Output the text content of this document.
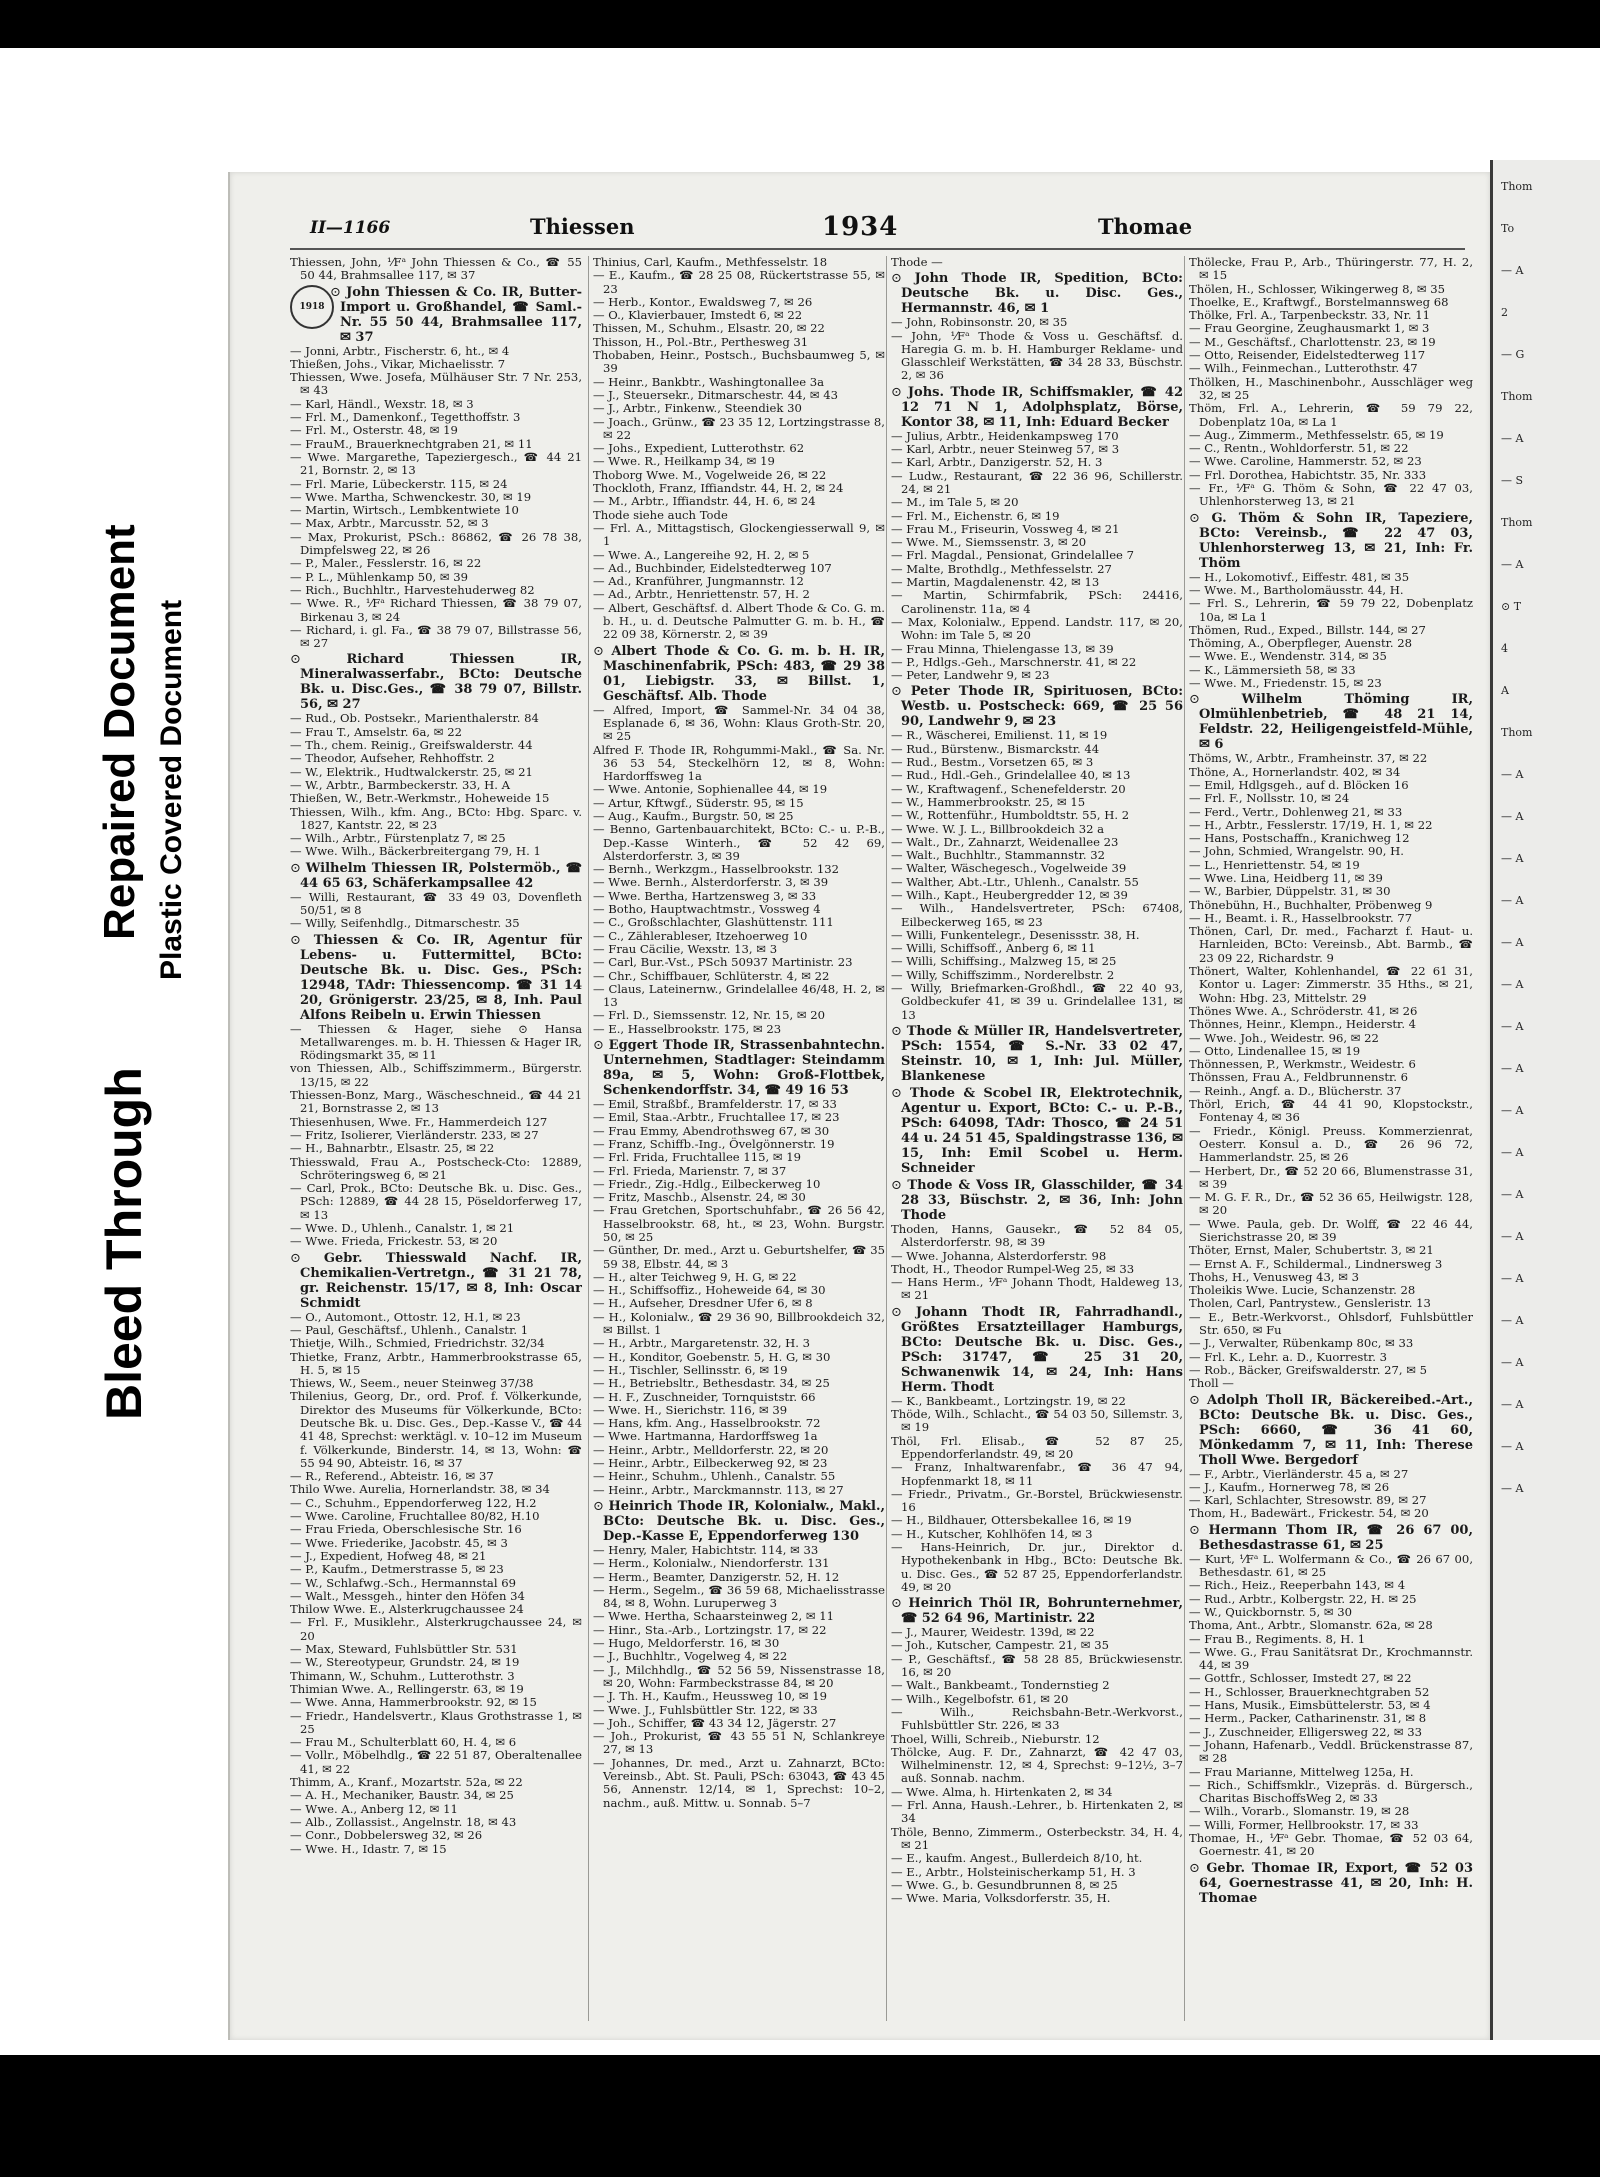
Bleed Through
Repaired Document Plastic Covered Document
II—1166	Thiessen	1934	Thomae

Thiessen, John, ⅟Fᵃ John Thiessen & Co., ☎ 55 50 44, Brahmsallee 117, ✉ 37

1918

⊙ John Thiessen & Co. IR, Butter-Import u. Großhandel, ☎ Saml.-Nr. 55 50 44, Brahmsallee 117, ✉ 37

— Jonni, Arbtr., Fischerstr. 6, ht., ✉ 4

Thießen, Johs., Vikar, Michaelisstr. 7

Thiessen, Wwe. Josefa, Mülhäuser Str. 7 Nr. 253, ✉ 43

— Karl, Händl., Wexstr. 18, ✉ 3

— Frl. M., Damenkonf., Tegetthoffstr. 3

— Frl. M., Osterstr. 48, ✉ 19

— FrauM., Brauerknechtgraben 21, ✉ 11

— Wwe. Margarethe, Tapeziergesch., ☎ 44 21 21, Bornstr. 2, ✉ 13

— Frl. Marie, Lübeckerstr. 115, ✉ 24

— Wwe. Martha, Schwenckestr. 30, ✉ 19

— Martin, Wirtsch., Lembkentwiete 10

— Max, Arbtr., Marcusstr. 52, ✉ 3

— Max, Prokurist, PSch.: 86862, ☎ 26 78 38, Dimpfelsweg 22, ✉ 26

— P., Maler., Fesslerstr. 16, ✉ 22

— P. L., Mühlenkamp 50, ✉ 39

— Rich., Buchhltr., Harvestehuderweg 82

— Wwe. R., ⅟Fᵃ Richard Thiessen, ☎ 38 79 07, Birkenau 3, ✉ 24

— Richard, i. gl. Fa., ☎ 38 79 07, Billstrasse 56, ✉ 27

⊙ Richard Thiessen IR, Mineralwasserfabr., BCto: Deutsche Bk. u. Disc.Ges., ☎ 38 79 07, Billstr. 56, ✉ 27

— Rud., Ob. Postsekr., Marienthalerstr. 84

— Frau T., Amselstr. 6a, ✉ 22

— Th., chem. Reinig., Greifswalderstr. 44

— Theodor, Aufseher, Rehhoffstr. 2

— W., Elektrik., Hudtwalckerstr. 25, ✉ 21

— W., Arbtr., Barmbeckerstr. 33, H. A

Thießen, W., Betr.-Werkmstr., Hoheweide 15

Thiessen, Wilh., kfm. Ang., BCto: Hbg. Sparc. v. 1827, Kantstr. 22, ✉ 23

— Wilh., Arbtr., Fürstenplatz 7, ✉ 25

— Wwe. Wilh., Bäckerbreitergang 79, H. 1

⊙ Wilhelm Thiessen IR, Polstermöb., ☎ 44 65 63, Schäferkampsallee 42

— Willi, Restaurant, ☎ 33 49 03, Dovenfleth 50/51, ✉ 8

— Willy, Seifenhdlg., Ditmarschestr. 35

⊙ Thiessen & Co. IR, Agentur für Lebens- u. Futtermittel, BCto: Deutsche Bk. u. Disc. Ges., PSch: 12948, TAdr: Thiessencomp. ☎ 31 14 20, Grönigerstr. 23/25, ✉ 8, Inh. Paul Alfons Reibeln u. Erwin Thiessen

— Thiessen & Hager, siehe ⊙ Hansa Metallwarenges. m. b. H. Thiessen & Hager IR, Rödingsmarkt 35, ✉ 11

von Thiessen, Alb., Schiffszimmerm., Bürgerstr. 13/15, ✉ 22

Thiessen-Bonz, Marg., Wäscheschneid., ☎ 44 21 21, Bornstrasse 2, ✉ 13

Thiesenhusen, Wwe. Fr., Hammerdeich 127

— Fritz, Isolierer, Vierländerstr. 233, ✉ 27

— H., Bahnarbtr., Elsastr. 25, ✉ 22

Thiesswald, Frau A., Postscheck-Cto: 12889, Schröteringsweg 6, ✉ 21

— Carl, Prok., BCto: Deutsche Bk. u. Disc. Ges., PSch: 12889, ☎ 44 28 15, Pöseldorferweg 17, ✉ 13

— Wwe. D., Uhlenh., Canalstr. 1, ✉ 21

— Wwe. Frieda, Frickestr. 53, ✉ 20

⊙ Gebr. Thiesswald Nachf. IR, Chemikalien-Vertretgn., ☎ 31 21 78, gr. Reichenstr. 15/17, ✉ 8, Inh: Oscar Schmidt

— O., Automont., Ottostr. 12, H.1, ✉ 23

— Paul, Geschäftsf., Uhlenh., Canalstr. 1

Thietje, Wilh., Schmied, Friedrichstr. 32/34

Thietke, Franz, Arbtr., Hammerbrookstrasse 65, H. 5, ✉ 15

Thiews, W., Seem., neuer Steinweg 37/38

Thilenius, Georg, Dr., ord. Prof. f. Völkerkunde, Direktor des Museums für Völkerkunde, BCto: Deutsche Bk. u. Disc. Ges., Dep.-Kasse V., ☎ 44 41 48, Sprechst: werktägl. v. 10–12 im Museum f. Völkerkunde, Binderstr. 14, ✉ 13, Wohn: ☎ 55 94 90, Abteistr. 16, ✉ 37

— R., Referend., Abteistr. 16, ✉ 37

Thilo Wwe. Aurelia, Hornerlandstr. 38, ✉ 34

— C., Schuhm., Eppendorferweg 122, H.2

— Wwe. Caroline, Fruchtallee 80/82, H.10

— Frau Frieda, Oberschlesische Str. 16

— Wwe. Friederike, Jacobstr. 45, ✉ 3

— J., Expedient, Hofweg 48, ✉ 21

— P., Kaufm., Detmerstrasse 5, ✉ 23

— W., Schlafwg.-Sch., Hermannstal 69

— Walt., Messgeh., hinter den Höfen 34

Thilow Wwe. E., Alsterkrugchaussee 24

— Frl. F., Musiklehr., Alsterkrugchaussee 24, ✉ 20

— Max, Steward, Fuhlsbüttler Str. 531

— W., Stereotypeur, Grundstr. 24, ✉ 19

Thimann, W., Schuhm., Lutterothstr. 3

Thimian Wwe. A., Rellingerstr. 63, ✉ 19

— Wwe. Anna, Hammerbrookstr. 92, ✉ 15

— Friedr., Handelsvertr., Klaus Grothstrasse 1, ✉ 25

— Frau M., Schulterblatt 60, H. 4, ✉ 6

— Vollr., Möbelhdlg., ☎ 22 51 87, Oberaltenallee 41, ✉ 22

Thimm, A., Kranf., Mozartstr. 52a, ✉ 22

— A. H., Mechaniker, Baustr. 34, ✉ 25

— Wwe. A., Anberg 12, ✉ 11

— Alb., Zollassist., Angelnstr. 18, ✉ 43

— Conr., Dobbelersweg 32, ✉ 26

— Wwe. H., Idastr. 7, ✉ 15

Thinius, Carl, Kaufm., Methfesselstr. 18

— E., Kaufm., ☎ 28 25 08, Rückertstrasse 55, ✉ 23

— Herb., Kontor., Ewaldsweg 7, ✉ 26

— O., Klavierbauer, Imstedt 6, ✉ 22

Thissen, M., Schuhm., Elsastr. 20, ✉ 22

Thisson, H., Pol.-Btr., Perthesweg 31

Thobaben, Heinr., Postsch., Buchsbaumweg 5, ✉ 39

— Heinr., Bankbtr., Washingtonallee 3a

— J., Steuersekr., Ditmarschestr. 44, ✉ 43

— J., Arbtr., Finkenw., Steendiek 30

— Joach., Grünw., ☎ 23 35 12, Lortzingstrasse 8, ✉ 22

— Johs., Expedient, Lutterothstr. 62

— Wwe. R., Heilkamp 34, ✉ 19

Thoborg Wwe. M., Vogelweide 26, ✉ 22

Thockloth, Franz, Iffiandstr. 44, H. 2, ✉ 24

— M., Arbtr., Iffiandstr. 44, H. 6, ✉ 24

Thode siehe auch Tode

— Frl. A., Mittagstisch, Glockengiesserwall 9, ✉ 1

— Wwe. A., Langereihe 92, H. 2, ✉ 5

— Ad., Buchbinder, Eidelstedterweg 107

— Ad., Kranführer, Jungmannstr. 12

— Ad., Arbtr., Henriettenstr. 57, H. 2

— Albert, Geschäftsf. d. Albert Thode & Co. G. m. b. H., u. d. Deutsche Palmutter G. m. b. H., ☎ 22 09 38, Körnerstr. 2, ✉ 39

⊙ Albert Thode & Co. G. m. b. H. IR, Maschinenfabrik, PSch: 483, ☎ 29 38 01, Liebigstr. 33, ✉ Billst. 1, Geschäftsf. Alb. Thode

— Alfred, Import, ☎ Sammel-Nr. 34 04 38, Esplanade 6, ✉ 36, Wohn: Klaus Groth-Str. 20, ✉ 25

Alfred F. Thode IR, Rohgummi-Makl., ☎ Sa. Nr. 36 53 54, Steckelhörn 12, ✉ 8, Wohn: Hardorffsweg 1a

— Wwe. Antonie, Sophienallee 44, ✉ 19

— Artur, Kftwgf., Süderstr. 95, ✉ 15

— Aug., Kaufm., Burgstr. 50, ✉ 25

— Benno, Gartenbauarchitekt, BCto: C.- u. P.-B., Dep.-Kasse Winterh., ☎ 52 42 69, Alsterdorferstr. 3, ✉ 39

— Bernh., Werkzgm., Hasselbrookstr. 132

— Wwe. Bernh., Alsterdorferstr. 3, ✉ 39

— Wwe. Bertha, Hartzensweg 3, ✉ 33

— Botho, Hauptwachtmstr., Vossweg 4

— C., Großschlachter, Glashüttenstr. 111

— C., Zählerableser, Itzehoerweg 10

— Frau Cäcilie, Wexstr. 13, ✉ 3

— Carl, Bur.-Vst., PSch 50937 Martinistr. 23

— Chr., Schiffbauer, Schlüterstr. 4, ✉ 22

— Claus, Lateinernw., Grindelallee 46/48, H. 2, ✉ 13

— Frl. D., Siemssenstr. 12, Nr. 15, ✉ 20

— E., Hasselbrookstr. 175, ✉ 23

⊙ Eggert Thode IR, Strassenbahntechn. Unternehmen, Stadtlager: Steindamm 89a, ✉ 5, Wohn: Groß-Flottbek, Schenkendorffstr. 34, ☎ 49 16 53

— Emil, Straßbf., Bramfelderstr. 17, ✉ 33

— Emil, Staa.-Arbtr., Fruchtallee 17, ✉ 23

— Frau Emmy, Abendrothsweg 67, ✉ 30

— Franz, Schiffb.-Ing., Övelgönnerstr. 19

— Frl. Frida, Fruchtallee 115, ✉ 19

— Frl. Frieda, Marienstr. 7, ✉ 37

— Friedr., Zig.-Hdlg., Eilbeckerweg 10

— Fritz, Maschb., Alsenstr. 24, ✉ 30

— Frau Gretchen, Sportschuhfabr., ☎ 26 56 42, Hasselbrookstr. 68, ht., ✉ 23, Wohn. Burgstr. 50, ✉ 25

— Günther, Dr. med., Arzt u. Geburtshelfer, ☎ 35 59 38, Elbstr. 44, ✉ 3

— H., alter Teichweg 9, H. G, ✉ 22

— H., Schiffsoffiz., Hoheweide 64, ✉ 30

— H., Aufseher, Dresdner Ufer 6, ✉ 8

— H., Kolonialw., ☎ 29 36 90, Billbrookdeich 32, ✉ Billst. 1

— H., Arbtr., Margaretenstr. 32, H. 3

— H., Konditor, Goebenstr. 5, H. G, ✉ 30

— H., Tischler, Sellinsstr. 6, ✉ 19

— H., Betriebsltr., Bethesdastr. 34, ✉ 25

— H. F., Zuschneider, Tornquiststr. 66

— Wwe. H., Sierichstr. 116, ✉ 39

— Hans, kfm. Ang., Hasselbrookstr. 72

— Wwe. Hartmanna, Hardorffsweg 1a

— Heinr., Arbtr., Melldorferstr. 22, ✉ 20

— Heinr., Arbtr., Eilbeckerweg 92, ✉ 23

— Heinr., Schuhm., Uhlenh., Canalstr. 55

— Heinr., Arbtr., Marckmannstr. 113, ✉ 27

⊙ Heinrich Thode IR, Kolonialw., Makl., BCto: Deutsche Bk. u. Disc. Ges., Dep.-Kasse E, Eppendorferweg 130

— Henry, Maler, Habichtstr. 114, ✉ 33

— Herm., Kolonialw., Niendorferstr. 131

— Herm., Beamter, Danzigerstr. 52, H. 12

— Herm., Segelm., ☎ 36 59 68, Michaelisstrasse 84, ✉ 8, Wohn. Luruperweg 3

— Wwe. Hertha, Schaarsteinweg 2, ✉ 11

— Hinr., Sta.-Arb., Lortzingstr. 17, ✉ 22

— Hugo, Meldorferstr. 16, ✉ 30

— J., Buchhltr., Vogelweg 4, ✉ 22

— J., Milchhdlg., ☎ 52 56 59, Nissenstrasse 18, ✉ 20, Wohn: Farmbeckstrasse 84, ✉ 20

— J. Th. H., Kaufm., Heussweg 10, ✉ 19

— Wwe. J., Fuhlsbüttler Str. 122, ✉ 33

— Joh., Schiffer, ☎ 43 34 12, Jägerstr. 27

— Joh., Prokurist, ☎ 43 55 51 N, Schlankreye 27, ✉ 13

— Johannes, Dr. med., Arzt u. Zahnarzt, BCto: Vereinsb., Abt. St. Pauli, PSch: 63043, ☎ 43 45 56, Annenstr. 12/14, ✉ 1, Sprechst: 10–2, nachm., auß. Mittw. u. Sonnab. 5–7

Thode —

⊙ John Thode IR, Spedition, BCto: Deutsche Bk. u. Disc. Ges., Hermannstr. 46, ✉ 1

— John, Robinsonstr. 20, ✉ 35

— John, ⅟Fᵃ Thode & Voss u. Geschäftsf. d. Haregia G. m. b. H. Hamburger Reklame- und Glasschleif Werkstätten, ☎ 34 28 33, Büschstr. 2, ✉ 36

⊙ Johs. Thode IR, Schiffsmakler, ☎ 42 12 71 N 1, Adolphsplatz, Börse, Kontor 38, ✉ 11, Inh: Eduard Becker

— Julius, Arbtr., Heidenkampsweg 170

— Karl, Arbtr., neuer Steinweg 57, ✉ 3

— Karl, Arbtr., Danzigerstr. 52, H. 3

— Ludw., Restaurant, ☎ 22 36 96, Schillerstr. 24, ✉ 21

— M., im Tale 5, ✉ 20

— Frl. M., Eichenstr. 6, ✉ 19

— Frau M., Friseurin, Vossweg 4, ✉ 21

— Wwe. M., Siemssenstr. 3, ✉ 20

— Frl. Magdal., Pensionat, Grindelallee 7

— Malte, Brothdlg., Methfesselstr. 27

— Martin, Magdalenenstr. 42, ✉ 13

— Martin, Schirmfabrik, PSch: 24416, Carolinenstr. 11a, ✉ 4

— Max, Kolonialw., Eppend. Landstr. 117, ✉ 20, Wohn: im Tale 5, ✉ 20

— Frau Minna, Thielengasse 13, ✉ 39

— P., Hdlgs.-Geh., Marschnerstr. 41, ✉ 22

— Peter, Landwehr 9, ✉ 23

⊙ Peter Thode IR, Spirituosen, BCto: Westb. u. Postscheck: 669, ☎ 25 56 90, Landwehr 9, ✉ 23

— R., Wäscherei, Emilienst. 11, ✉ 19

— Rud., Bürstenw., Bismarckstr. 44

— Rud., Bestm., Vorsetzen 65, ✉ 3

— Rud., Hdl.-Geh., Grindelallee 40, ✉ 13

— W., Kraftwagenf., Schenefelderstr. 20

— W., Hammerbrookstr. 25, ✉ 15

— W., Rottenführ., Humboldtstr. 55, H. 2

— Wwe. W. J. L., Billbrookdeich 32 a

— Walt., Dr., Zahnarzt, Weidenallee 23

— Walt., Buchhltr., Stammannstr. 32

— Walter, Wäschegesch., Vogelweide 39

— Walther, Abt.-Ltr., Uhlenh., Canalstr. 55

— Wilh., Kapt., Heubergredder 12, ✉ 39

— Wilh., Handelsvertreter, PSch: 67408, Eilbeckerweg 165, ✉ 23

— Willi, Funkentelegr., Desenissstr. 38, H.

— Willi, Schiffsoff., Anberg 6, ✉ 11

— Willi, Schiffsing., Malzweg 15, ✉ 25

— Willy, Schiffszimm., Norderelbstr. 2

— Willy, Briefmarken-Großhdl., ☎ 22 40 93, Goldbeckufer 41, ✉ 39 u. Grindelallee 131, ✉ 13

⊙ Thode & Müller IR, Handelsvertreter, PSch: 1554, ☎ S.-Nr. 33 02 47, Steinstr. 10, ✉ 1, Inh: Jul. Müller, Blankenese

⊙ Thode & Scobel IR, Elektrotechnik, Agentur u. Export, BCto: C.- u. P.-B., PSch: 64098, TAdr: Thosco, ☎ 24 51 44 u. 24 51 45, Spaldingstrasse 136, ✉ 15, Inh: Emil Scobel u. Herm. Schneider

⊙ Thode & Voss IR, Glasschilder, ☎ 34 28 33, Büschstr. 2, ✉ 36, Inh: John Thode

Thoden, Hanns, Gausekr., ☎ 52 84 05, Alsterdorferstr. 98, ✉ 39

— Wwe. Johanna, Alsterdorferstr. 98

Thodt, H., Theodor Rumpel-Weg 25, ✉ 33

— Hans Herm., ⅟Fᵃ Johann Thodt, Haldeweg 13, ✉ 21

⊙ Johann Thodt IR, Fahrradhandl., Größtes Ersatzteillager Hamburgs, BCto: Deutsche Bk. u. Disc. Ges., PSch: 31747, ☎ 25 31 20, Schwanenwik 14, ✉ 24, Inh: Hans Herm. Thodt

— K., Bankbeamt., Lortzingstr. 19, ✉ 22

Thöde, Wilh., Schlacht., ☎ 54 03 50, Sillemstr. 3, ✉ 19

Thöl, Frl. Elisab., ☎ 52 87 25, Eppendorferlandstr. 49, ✉ 20

— Franz, Inhaltwarenfabr., ☎ 36 47 94, Hopfenmarkt 18, ✉ 11

— Friedr., Privatm., Gr.-Borstel, Brückwiesenstr. 16

— H., Bildhauer, Ottersbekallee 16, ✉ 19

— H., Kutscher, Kohlhöfen 14, ✉ 3

— Hans-Heinrich, Dr. jur., Direktor d. Hypothekenbank in Hbg., BCto: Deutsche Bk. u. Disc. Ges., ☎ 52 87 25, Eppendorferlandstr. 49, ✉ 20

⊙ Heinrich Thöl IR, Bohrunternehmer, ☎ 52 64 96, Martinistr. 22

— J., Maurer, Weidestr. 139d, ✉ 22

— Joh., Kutscher, Campestr. 21, ✉ 35

— P., Geschäftsf., ☎ 58 28 85, Brückwiesenstr. 16, ✉ 20

— Walt., Bankbeamt., Tondernstieg 2

— Wilh., Kegelbofstr. 61, ✉ 20

— Wilh., Reichsbahn-Betr.-Werkvorst., Fuhlsbüttler Str. 226, ✉ 33

Thoel, Willi, Schreib., Nieburstr. 12

Thölcke, Aug. F. Dr., Zahnarzt, ☎ 42 47 03, Wilhelminenstr. 12, ✉ 4, Sprechst: 9–12½, 3–7 auß. Sonnab. nachm.

— Wwe. Alma, h. Hirtenkaten 2, ✉ 34

— Frl. Anna, Haush.-Lehrer., b. Hirtenkaten 2, ✉ 34

Thöle, Benno, Zimmerm., Osterbeckstr. 34, H. 4, ✉ 21

— E., kaufm. Angest., Bullerdeich 8/10, ht.

— E., Arbtr., Holsteinischerkamp 51, H. 3

— Wwe. G., b. Gesundbrunnen 8, ✉ 25

— Wwe. Maria, Volksdorferstr. 35, H.

Thölecke, Frau P., Arb., Thüringerstr. 77, H. 2, ✉ 15

Thölen, H., Schlosser, Wikingerweg 8, ✉ 35

Thoelke, E., Kraftwgf., Borstelmannsweg 68

Thölke, Frl. A., Tarpenbeckstr. 33, Nr. 11

— Frau Georgine, Zeughausmarkt 1, ✉ 3

— M., Geschäftsf., Charlottenstr. 23, ✉ 19

— Otto, Reisender, Eidelstedterweg 117

— Wilh., Feinmechan., Lutterothstr. 47

Thölken, H., Maschinenbohr., Ausschläger weg 32, ✉ 25

Thöm, Frl. A., Lehrerin, ☎ 59 79 22, Dobenplatz 10a, ✉ La 1

— Aug., Zimmerm., Methfesselstr. 65, ✉ 19

— C., Rentn., Wohldorferstr. 51, ✉ 22

— Wwe. Caroline, Hammerstr. 52, ✉ 23

— Frl. Dorothea, Habichtstr. 35, Nr. 333

— Fr., ⅟Fᵃ G. Thöm & Sohn, ☎ 22 47 03, Uhlenhorsterweg 13, ✉ 21

⊙ G. Thöm & Sohn IR, Tapeziere, BCto: Vereinsb., ☎ 22 47 03, Uhlenhorsterweg 13, ✉ 21, Inh: Fr. Thöm

— H., Lokomotivf., Eiffestr. 481, ✉ 35

— Wwe. M., Bartholomäusstr. 44, H.

— Frl. S., Lehrerin, ☎ 59 79 22, Dobenplatz 10a, ✉ La 1

Thömen, Rud., Exped., Billstr. 144, ✉ 27

Thöming, A., Oberpfleger, Auenstr. 28

— Wwe. E., Wendenstr. 314, ✉ 35

— K., Lämmersieth 58, ✉ 33

— Wwe. M., Friedenstr. 15, ✉ 23

⊙ Wilhelm Thöming IR, Olmühlenbetrieb, ☎ 48 21 14, Feldstr. 22, Heiligengeistfeld-Mühle, ✉ 6

Thöms, W., Arbtr., Framheinstr. 37, ✉ 22

Thöne, A., Hornerlandstr. 402, ✉ 34

— Emil, Hdlgsgeh., auf d. Blöcken 16

— Frl. F., Nollsstr. 10, ✉ 24

— Ferd., Vertr., Dohlenweg 21, ✉ 33

— H., Arbtr., Fesslerstr. 17/19, H. 1, ✉ 22

— Hans, Postschaffn., Kranichweg 12

— John, Schmied, Wrangelstr. 90, H.

— L., Henriettenstr. 54, ✉ 19

— Wwe. Lina, Heidberg 11, ✉ 39

— W., Barbier, Düppelstr. 31, ✉ 30

Thönebühn, H., Buchhalter, Pröbenweg 9

— H., Beamt. i. R., Hasselbrookstr. 77

Thönen, Carl, Dr. med., Facharzt f. Haut- u. Harnleiden, BCto: Vereinsb., Abt. Barmb., ☎ 23 09 22, Richardstr. 9

Thönert, Walter, Kohlenhandel, ☎ 22 61 31, Kontor u. Lager: Zimmerstr. 35 Hths., ✉ 21, Wohn: Hbg. 23, Mittelstr. 29

Thönes Wwe. A., Schröderstr. 41, ✉ 26

Thönnes, Heinr., Klempn., Heiderstr. 4

— Wwe. Joh., Weidestr. 96, ✉ 22

— Otto, Lindenallee 15, ✉ 19

Thönnessen, P., Werkmstr., Weidestr. 6

Thönssen, Frau A., Feldbrunnenstr. 6

— Reinh., Angf. a. D., Blücherstr. 37

Thörl, Erich, ☎ 44 41 90, Klopstockstr., Fontenay 4, ✉ 36

— Friedr., Königl. Preuss. Kommerzienrat, Oesterr. Konsul a. D., ☎ 26 96 72, Hammerlandstr. 25, ✉ 26

— Herbert, Dr., ☎ 52 20 66, Blumenstrasse 31, ✉ 39

— M. G. F. R., Dr., ☎ 52 36 65, Heilwigstr. 128, ✉ 20

— Wwe. Paula, geb. Dr. Wolff, ☎ 22 46 44, Sierichstrasse 20, ✉ 39

Thöter, Ernst, Maler, Schubertstr. 3, ✉ 21

— Ernst A. F., Schildermal., Lindnersweg 3

Thohs, H., Venusweg 43, ✉ 3

Tholeikis Wwe. Lucie, Schanzenstr. 28

Tholen, Carl, Pantrystew., Gensleristr. 13

— E., Betr.-Werkvorst., Ohlsdorf, Fuhlsbüttler Str. 650, ✉ Fu

— J., Verwalter, Rübenkamp 80c, ✉ 33

— Frl. K., Lehr. a. D., Kuorrestr. 3

— Rob., Bäcker, Greifswalderstr. 27, ✉ 5

Tholl —

⊙ Adolph Tholl IR, Bäckereibed.-Art., BCto: Deutsche Bk. u. Disc. Ges., PSch: 6660, ☎ 36 41 60, Mönkedamm 7, ✉ 11, Inh: Therese Tholl Wwe. Bergedorf

— F., Arbtr., Vierländerstr. 45 a, ✉ 27

— J., Kaufm., Hornerweg 78, ✉ 26

— Karl, Schlachter, Stresowstr. 89, ✉ 27

Thom, H., Badewärt., Frickestr. 54, ✉ 20

⊙ Hermann Thom IR, ☎ 26 67 00, Bethesdastrasse 61, ✉ 25

— Kurt, ⅟Fᵃ L. Wolfermann & Co., ☎ 26 67 00, Bethesdastr. 61, ✉ 25

— Rich., Heiz., Reeperbahn 143, ✉ 4

— Rud., Arbtr., Kolbergstr. 22, H. ✉ 25

— W., Quickbornstr. 5, ✉ 30

Thoma, Ant., Arbtr., Slomanstr. 62a, ✉ 28

— Frau B., Regiments. 8, H. 1

— Wwe. G., Frau Sanitätsrat Dr., Krochmannstr. 44, ✉ 39

— Gottfr., Schlosser, Imstedt 27, ✉ 22

— H., Schlosser, Brauerknechtgraben 52

— Hans, Musik., Eimsbüttelerstr. 53, ✉ 4

— Herm., Packer, Catharinenstr. 31, ✉ 8

— J., Zuschneider, Elligersweg 22, ✉ 33

— Johann, Hafenarb., Veddl. Brückenstrasse 87, ✉ 28

— Frau Marianne, Mittelweg 125a, H.

— Rich., Schiffsmklr., Vizepräs. d. Bürgersch., Charitas BischoffsWeg 2, ✉ 33

— Wilh., Vorarb., Slomanstr. 19, ✉ 28

— Willi, Former, Hellbrookstr. 17, ✉ 33

Thomae, H., ⅟Fᵃ Gebr. Thomae, ☎ 52 03 64, Goernestr. 41, ✉ 20

⊙ Gebr. Thomae IR, Export, ☎ 52 03 64, Goernestrasse 41, ✉ 20, Inh: H. Thomae

Thom
To
— A
2
— G
Thom
— A
— S
Thom
— A
⊙ T
4
A
Thom
— A
— A
— A
— A
— A
— A
— A
— A
— A
— A
— A
— A
— A
— A
— A
— A
— A
— A
